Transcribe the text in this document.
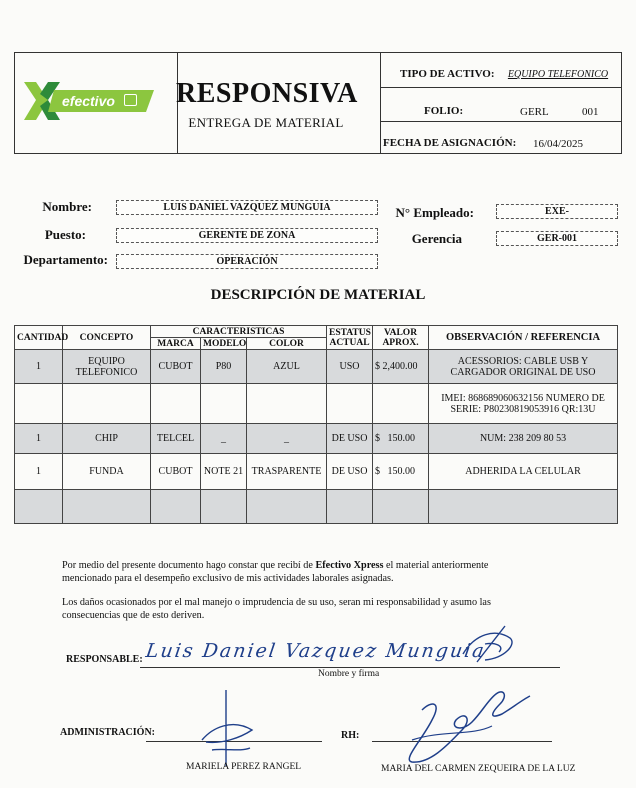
efectivo RESPONSIVA
ENTREGA DE MATERIAL
TIPO DE ACTIVO:	EQUIPO TELEFONICO
FOLIO:	GERL	001
FECHA DE ASIGNACIÓN:	16/04/2025
Nombre:	LUIS DANIEL VAZQUEZ MUNGUIA
Puesto:	GERENTE DE ZONA
Departamento:	OPERACIÓN
N° Empleado:	EXE-
Gerencia	GER-001
DESCRIPCIÓN DE MATERIAL
CANTIDAD	CONCEPTO	CARACTERISTICAS			ESTATUS ACTUAL	VALOR APROX.	OBSERVACIÓN / REFERENCIA
		MARCA	MODELO	COLOR			
1	EQUIPO TELEFONICO	CUBOT	P80	AZUL	USO	$ 2,400.00	ACESSORIOS: CABLE USB Y CARGADOR ORIGINAL DE USO
							IMEI: 868689060632156 NUMERO DE SERIE: P80230819053916 QR:13U
1	CHIP	TELCEL	_	_	DE USO	$ 150.00	NUM: 238 209 80 53
1	FUNDA	CUBOT	NOTE 21	TRASPARENTE	DE USO	$ 150.00	ADHERIDA LA CELULAR

Por medio del presente documento hago constar que recibí de Efectivo Xpress el material anteriormente mencionado para el desempeño exclusivo de mis actividades laborales asignadas.
Los daños ocasionados por el mal manejo o imprudencia de su uso, seran mi responsabilidad y asumo las consecuencias que de esto deriven.
RESPONSABLE: Luis Daniel Vazquez Munguia
Nombre y firma
ADMINISTRACIÓN:
MARIELA PEREZ RANGEL
RH:
MARIA DEL CARMEN ZEQUEIRA DE LA LUZ
